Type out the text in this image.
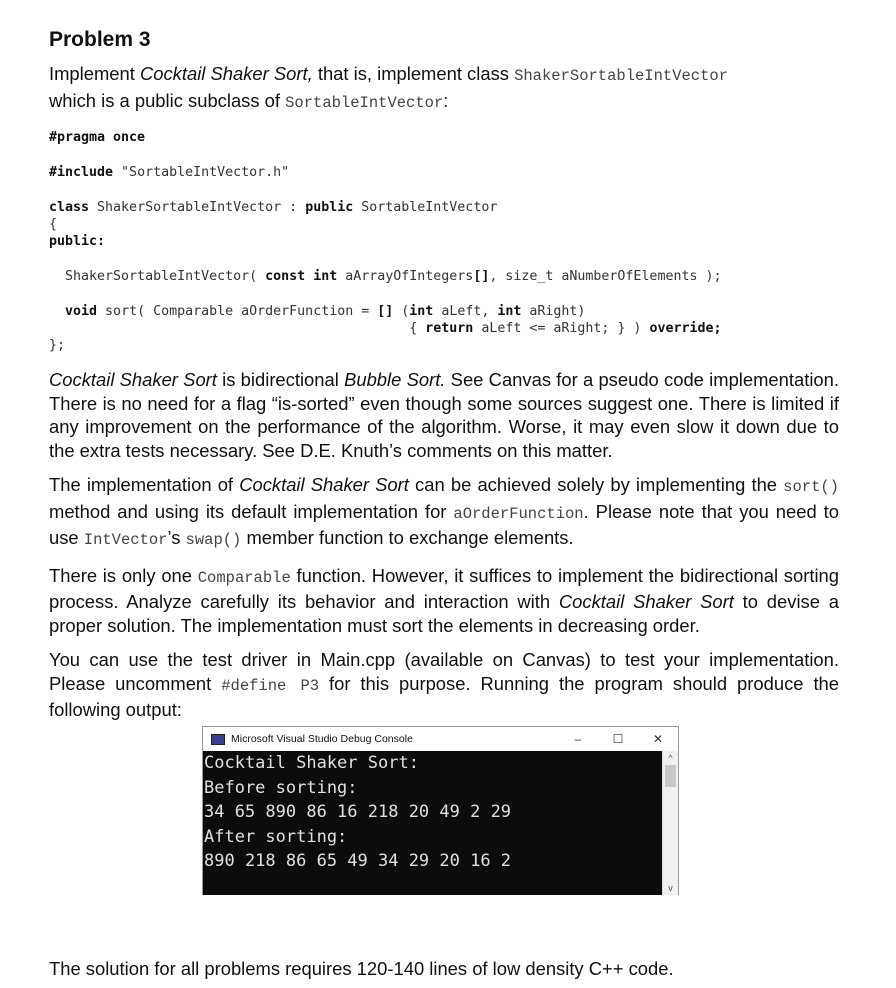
Problem 3

Implement Cocktail Shaker Sort, that is, implement class ShakerSortableIntVector
which is a public subclass of SortableIntVector:

#pragma once

#include "SortableIntVector.h"

class ShakerSortableIntVector : public SortableIntVector
{
public:

ShakerSortableIntVector( const int aArrayOfIntegers[], size_t aNumberOfElements );

void sort( Comparable aOrderFunction = [] (int aLeft, int aRight)
{ return aLeft <= aRight; } ) override;
};

Cocktail Shaker Sort is bidirectional Bubble Sort. See Canvas for a pseudo code implementation. There is no need for a flag “is-sorted” even though some sources suggest one. There is limited if any improvement on the performance of the algorithm. Worse, it may even slow it down due to the extra tests necessary. See D.E. Knuth’s comments on this matter.

The implementation of Cocktail Shaker Sort can be achieved solely by implementing the sort() method and using its default implementation for aOrderFunction. Please note that you need to use IntVector’s swap() member function to exchange elements.

There is only one Comparable function. However, it suffices to implement the bidirectional sorting process. Analyze carefully its behavior and interaction with Cocktail Shaker Sort to devise a proper solution. The implementation must sort the elements in decreasing order.

You can use the test driver in Main.cpp (available on Canvas) to test your implementation. Please uncomment #define P3 for this purpose. Running the program should produce the following output:

Microsoft Visual Studio Debug Console	–	☐	✕
Cocktail Shaker Sort:
Before sorting:
34 65 890 86 16 218 20 49 2 29
After sorting:
890 218 86 65 49 34 29 20 16 2
^
v
The solution for all problems requires 120-140 lines of low density C++ code.
